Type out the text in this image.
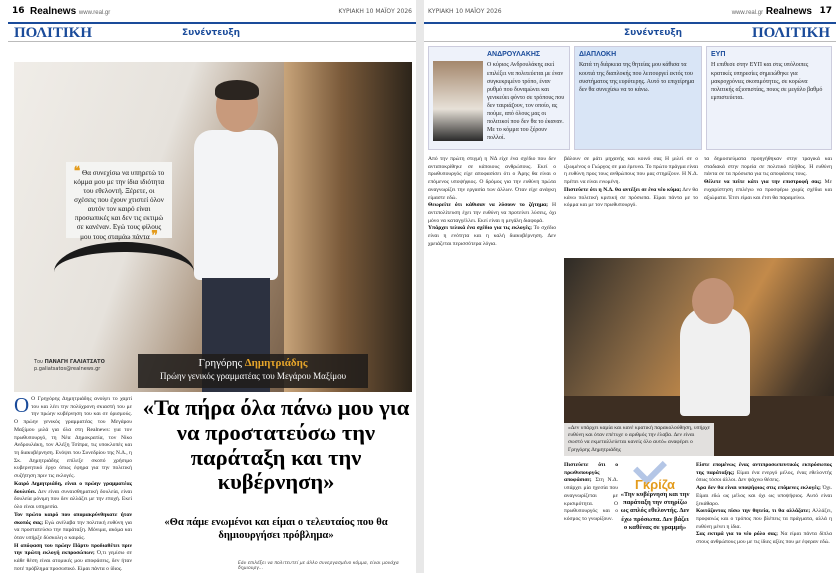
16 Realnews www.real.gr	ΚΥΡΙΑΚΗ 10 ΜΑΪΟΥ 2026
ΠΟΛΙΤΙΚΗ	Συνέντευξη
❝ Θα συνεχίσω να υπηρετώ το κόμμα μου με την ίδια ιδιότητα του εθελοντή. Ξέρετε, οι σχέσεις που έχουν χτιστεί όλον αυτόν τον καιρό είναι προσωπικές και δεν τις εκτιμώ σε κανέναν. Εγώ τους φίλους μου τους σταμάω πάντα ❞
Του ΠΑΝΑΓΗ ΓΑΛΙΑΤΣΑΤΟ
p.galiatsatos@realnews.gr
Ο Ο Γρηγόρης Δημητριάδης ανοίγει το χαρτί του και λέει την πολύχρονη σκιαστή του με την πρώην κυβέρνηση του και σε όρισμούς. Ο πρώην γενικός γραμματέας του Μεγάρου Μαξίμου μιλά για όλα στη Realnews: για τον πρωθυπουργό, τη Νέα Δημοκρατία, τον Νίκο Ανδρουλάκη, τον Αλέξη Τσίπρα, τις υποκλοπές και τη διακυβέρνηση. Ενόψει του Συνεδρίου της Ν.Δ., η Σκ. Δημητριάδης επίλεξε σκοπό χρήσιμο κυβερνητικό έργο όπως έφηρα για την πολιτική συζήτηση πριν τις εκλογές.
Καιρό Δημητριάδη, είναι ο πρώην γραμματέας δουλεύει. Δεν είναι συναισθηματική δουλεία, είναι δουλεία μόνιμη που δεν αλλάζει με την εποχή. Εκεί όλο είναι υπηρεσία.
Τον πρώτο καιρό που απομακρύνθηκατε ήταν σκοπός σας; Εγώ ανέλαβα την πολιτική ευθύνη για να προστατεύσω την παράταξη. Μόνιμα, ακόμα και όταν υπήρξε δύσκολη ο καιρός.
Η απόφαση του πρώην Πάρτυ προδιαθέτει πριν την πρώτη εκλογή εκπροσώπων; Ό,τι γεμίσω σε κάθε θέση είναι ατομικές μου αποφάσεις, δεν ήταν ποτέ πρόβλημα προσωπικό. Είμαι πάντα ο ίδιος.
Γρηγόρης Δημητριάδης
Πρώην γενικός γραμματέας του Μεγάρου Μαξίμου
«Τα πήρα όλα πάνω μου για να προστατεύσω την παράταξη και την κυβέρνηση»
«Θα πάμε ενωμένοι και είμαι ο τελευταίος που θα δημιουργήσει πρόβλημα»
Εάν επιλέξει να πολιτευτεί με άλλο συνεργασμένο κόμμα, είναι μονάχα δημιουργ...
ΚΥΡΙΑΚΗ 10 ΜΑΪΟΥ 2026	www.real.gr Realnews 17
Συνέντευξη	ΠΟΛΙΤΙΚΗ
ΑΝΔΡΟΥΛΑΚΗΣ
Ο κύριος Ανδρουλάκης εκεί επιλέξει να πολιτεύεται με έναν συγκεκριμένο τρόπο, έναν ρυθμό που δυναμώνει και γενικεύει φόντο σε τρόπους που δεν ταιριάζουν, τον οποίο, ας πούμε, από όλους μας οι πολιτικοί που δεν θα το έκαναν. Με το κόμμα του ξέρουν πολλοί.
ΔΙΑΠΛΟΚΗ
Κατά τη διάρκεια της θητείας μου κάθισα τα κουτιά της διαπλοκής που λειτουργεί εκτός του συστήματος της ευρύτερης. Αυτό το επιχείρημα δεν θα συνεχίσω να το κάνω.
ΕΥΠ
Η επιθεσε στην ΕΥΠ και στις υπόλοιπες κρατικές υπηρεσίες σημειώθηκε για μακροχρόνιες σκοπιμότητες, σε κορώνα πολιτικής αξιοπιστίας, ποιος σε μεγάλο βαθμό εμπιστεύεται.
Από την πρώτη στιγμή η ΝΔ είχε ένα σχέδιο που δεν ανταποκρίθηκε σε κάποιους ανθρώπους. Εκεί ο πρωθυπουργός είχε αποφασίσει ότι ο Άρης θα είναι ο επόμενος υποψήφιος. Ο δρόμος για την ευθύνη πρώτα αναγνωρίζει την εργασία των άλλων. Όταν είχε ανάγκη είμαστε εδώ.
Θεωρείτε ότι κάθισαν να λύσουν το ζήτημα; Η αντιπολίτευση έχει την ευθύνη να προτείνει λύσεις, όχι μόνο να καταγγέλλει. Εκεί είναι η μεγάλη διαφορά.
Υπάρχει τελικά ένα σχέδιο για τις εκλογές; Το σχέδιο είναι η ενότητα και η καλή διακυβέρνηση. Δεν χρειάζεται περισσότερα λόγια.
βάλουν σε μάτι μηχανής και κοινό σας Η μιλεί σε ο ιξιωμένος ο Γιώργος σε μια έρευνα. Το πρώτο πράγμα είναι η ευθύνη προς τους ανθρώπους που μας στηρίζουν. Η Ν.Δ. πρέπει να είναι ενωμένη.
Πιστεύετε ότι η Ν.Δ. θα αντέξει σε ένα νέο κύμα; Δεν θα κάνω πολιτική κριτική σε πρόσωπα. Είμαι πάντα με το κόμμα και με τον πρωθυπουργό.
τα δημοσιεύματα προηγήθηκαν στην τραγικά και σταδιακά στην πορεία σε πολιτικό πλήθος. Η ευθύνη πάντα σε τα πρόσωπα για τις αποφάσεις τους.
Θέλετε να πείτε κάτι για την επιστροφή σας; Με ευχαρίστηση επιλέγω να προσφέρω χωρίς σχέδια και αξιώματα. Έτσι είμαι και έτσι θα παραμείνω.
«Δεν υπάρχει καμία και κανέ κρατική παρακολούθηση, υπήρχε ευθύνη και όταν επέτυχε ο αριθμός την έλαβα. Δεν είναι σωστό να εκμεταλλεύεται κανείς όλο αυτό» αναφέρει ο Γρηγόρης Δημητριάδης
Πιστεύετε ότι ο πρωθυπουργός αποφάσισε; Στη Ν.Δ. υπάρχει μία ηγεσία που αναγνωρίζεται με κρισιμότητα. Ο πρωθυπουργός και ο κόσμος το γνωρίζουν.
Γκρίζα
«Την κυβέρνηση και την παράταξη την στηρίζω ως απλός εθελοντής. Δεν έχω πρόσωπα. Δεν βάζει ο καθένας σε γραμμή»
Είστε επομένως ένας αντιπροσωπευτικός εκπρόσωπος της παράταξης; Είμαι ένα ενεργό μέλος, ένας εθελοντής όπως τόσοι άλλοι. Δεν ψάχνω θέσεις.
Αρα δεν θα είναι υποψήφιος στις επόμενες εκλογές; Όχι. Είμαι εδώ ως μέλος και όχι ως υποψήφιος. Αυτό είναι ξεκάθαρο.
Κοιτάζοντας πίσω την θητεία, τι θα αλλάζατε; Αλλάζει, προφανώς και ο τρόπος που βλέπεις τα πράγματα, αλλά η ευθύνη μένει η ίδια.
Σας εκτιμά για το νέο ρόλο σας; Να είμαι πάντα δίπλα στους ανθρώπους μου με τις ίδιες αξίες που με έφεραν εδώ.
